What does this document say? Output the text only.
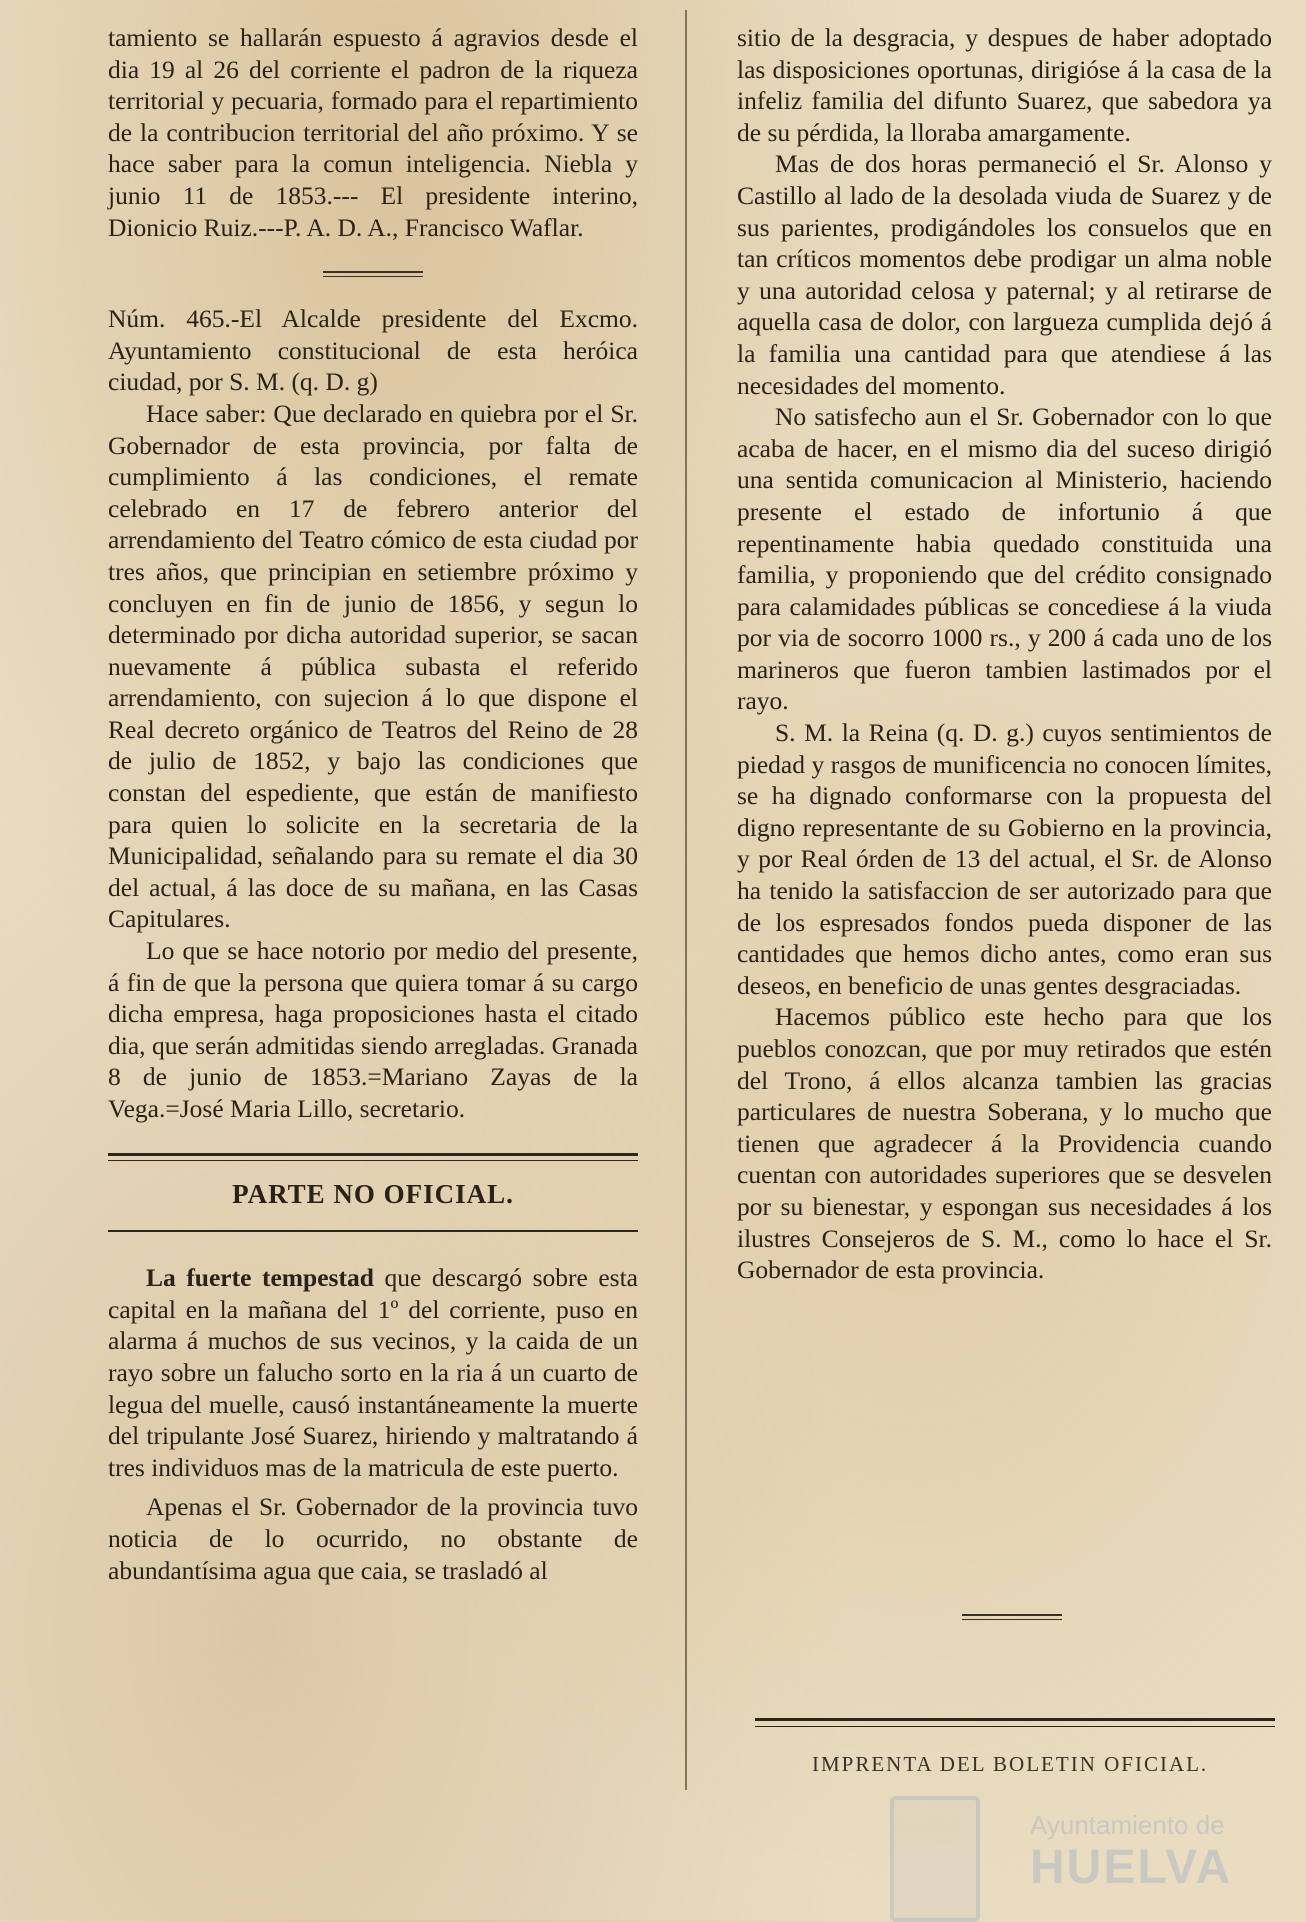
tamiento se hallarán espuesto á agravios desde el dia 19 al 26 del corriente el padron de la riqueza territorial y pecuaria, formado para el repartimiento de la contribucion territorial del año próximo. Y se hace saber para la comun inteligencia. Niebla y junio 11 de 1853.--- El presidente interino, Dionicio Ruiz.---P. A. D. A., Francisco Waflar.

Núm. 465.-El Alcalde presidente del Excmo. Ayuntamiento constitucional de esta heróica ciudad, por S. M. (q. D. g)

Hace saber: Que declarado en quiebra por el Sr. Gobernador de esta provincia, por falta de cumplimiento á las condiciones, el remate celebrado en 17 de febrero anterior del arrendamiento del Teatro cómico de esta ciudad por tres años, que principian en setiembre próximo y concluyen en fin de junio de 1856, y segun lo determinado por dicha autoridad superior, se sacan nuevamente á pública subasta el referido arrendamiento, con sujecion á lo que dispone el Real decreto orgánico de Teatros del Reino de 28 de julio de 1852, y bajo las condiciones que constan del espediente, que están de manifiesto para quien lo solicite en la secretaria de la Municipalidad, señalando para su remate el dia 30 del actual, á las doce de su mañana, en las Casas Capitulares.

Lo que se hace notorio por medio del presente, á fin de que la persona que quiera tomar á su cargo dicha empresa, haga proposiciones hasta el citado dia, que serán admitidas siendo arregladas. Granada 8 de junio de 1853.=Mariano Zayas de la Vega.=José Maria Lillo, secretario.

PARTE NO OFICIAL.

La fuerte tempestad que descargó sobre esta capital en la mañana del 1º del corriente, puso en alarma á muchos de sus vecinos, y la caida de un rayo sobre un falucho sorto en la ria á un cuarto de legua del muelle, causó instantáneamente la muerte del tripulante José Suarez, hiriendo y maltratando á tres individuos mas de la matricula de este puerto.

Apenas el Sr. Gobernador de la provincia tuvo noticia de lo ocurrido, no obstante de abundantísima agua que caia, se trasladó al

sitio de la desgracia, y despues de haber adoptado las disposiciones oportunas, dirigióse á la casa de la infeliz familia del difunto Suarez, que sabedora ya de su pérdida, la lloraba amargamente.

Mas de dos horas permaneció el Sr. Alonso y Castillo al lado de la desolada viuda de Suarez y de sus parientes, prodigándoles los consuelos que en tan críticos momentos debe prodigar un alma noble y una autoridad celosa y paternal; y al retirarse de aquella casa de dolor, con largueza cumplida dejó á la familia una cantidad para que atendiese á las necesidades del momento.

No satisfecho aun el Sr. Gobernador con lo que acaba de hacer, en el mismo dia del suceso dirigió una sentida comunicacion al Ministerio, haciendo presente el estado de infortunio á que repentinamente habia quedado constituida una familia, y proponiendo que del crédito consignado para calamidades públicas se concediese á la viuda por via de socorro 1000 rs., y 200 á cada uno de los marineros que fueron tambien lastimados por el rayo.

S. M. la Reina (q. D. g.) cuyos sentimientos de piedad y rasgos de munificencia no conocen límites, se ha dignado conformarse con la propuesta del digno representante de su Gobierno en la provincia, y por Real órden de 13 del actual, el Sr. de Alonso ha tenido la satisfaccion de ser autorizado para que de los espresados fondos pueda disponer de las cantidades que hemos dicho antes, como eran sus deseos, en beneficio de unas gentes desgraciadas.

Hacemos público este hecho para que los pueblos conozcan, que por muy retirados que estén del Trono, á ellos alcanza tambien las gracias particulares de nuestra Soberana, y lo mucho que tienen que agradecer á la Providencia cuando cuentan con autoridades superiores que se desvelen por su bienestar, y espongan sus necesidades á los ilustres Consejeros de S. M., como lo hace el Sr. Gobernador de esta provincia.

IMPRENTA DEL BOLETIN OFICIAL.
Ayuntamiento de
HUELVA
